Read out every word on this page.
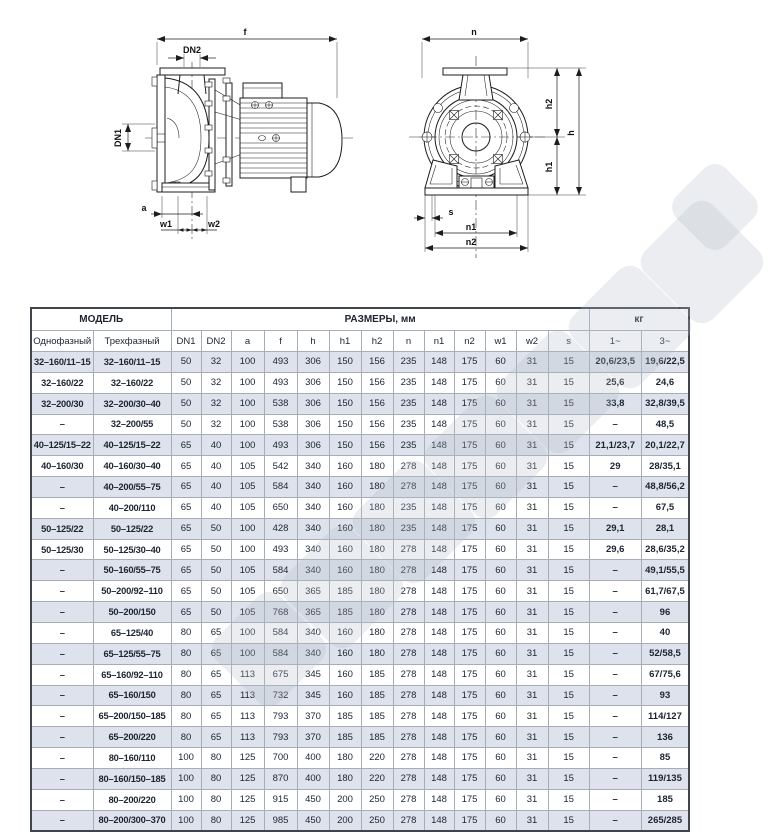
f
DN2
DN1
a
w1	w2
n
h2
h1
h
s
n1
n2
МОДЕЛЬ		РАЗМЕРЫ, мм													кг	
Однофазный	Трехфазный	DN1	DN2	a	f	h	h1	h2	n	n1	n2	w1	w2	s	1~	3~
32–160/11–15	32–160/11–15	50	32	100	493	306	150	156	235	148	175	60	31	15	20,6/23,5	19,6/22,5
32–160/22	32–160/22	50	32	100	493	306	150	156	235	148	175	60	31	15	25,6	24,6
32–200/30	32–200/30–40	50	32	100	538	306	150	156	235	148	175	60	31	15	33,8	32,8/39,5
–	32–200/55	50	32	100	538	306	150	156	235	148	175	60	31	15	–	48,5
40–125/15–22	40–125/15–22	65	40	100	493	306	150	156	235	148	175	60	31	15	21,1/23,7	20,1/22,7
40–160/30	40–160/30–40	65	40	105	542	340	160	180	278	148	175	60	31	15	29	28/35,1
–	40–200/55–75	65	40	105	584	340	160	180	278	148	175	60	31	15	–	48,8/56,2
–	40–200/110	65	40	105	650	340	160	180	235	148	175	60	31	15	–	67,5
50–125/22	50–125/22	65	50	100	428	340	160	180	235	148	175	60	31	15	29,1	28,1
50–125/30	50–125/30–40	65	50	100	493	340	160	180	278	148	175	60	31	15	29,6	28,6/35,2
–	50–160/55–75	65	50	105	584	340	160	180	278	148	175	60	31	15	–	49,1/55,5
–	50–200/92–110	65	50	105	650	365	185	180	278	148	175	60	31	15	–	61,7/67,5
–	50–200/150	65	50	105	768	365	185	180	278	148	175	60	31	15	–	96
–	65–125/40	80	65	100	584	340	160	180	278	148	175	60	31	15	–	40
–	65–125/55–75	80	65	100	584	340	160	180	278	148	175	60	31	15	–	52/58,5
–	65–160/92–110	80	65	113	675	345	160	185	278	148	175	60	31	15	–	67/75,6
–	65–160/150	80	65	113	732	345	160	185	278	148	175	60	31	15	–	93
–	65–200/150–185	80	65	113	793	370	185	185	278	148	175	60	31	15	–	114/127
–	65–200/220	80	65	113	793	370	185	185	278	148	175	60	31	15	–	136
–	80–160/110	100	80	125	700	400	180	220	278	148	175	60	31	15	–	85
–	80–160/150–185	100	80	125	870	400	180	220	278	148	175	60	31	15	–	119/135
–	80–200/220	100	80	125	915	450	200	250	278	148	175	60	31	15	–	185
–	80–200/300–370	100	80	125	985	450	200	250	278	148	175	60	31	15	–	265/285
